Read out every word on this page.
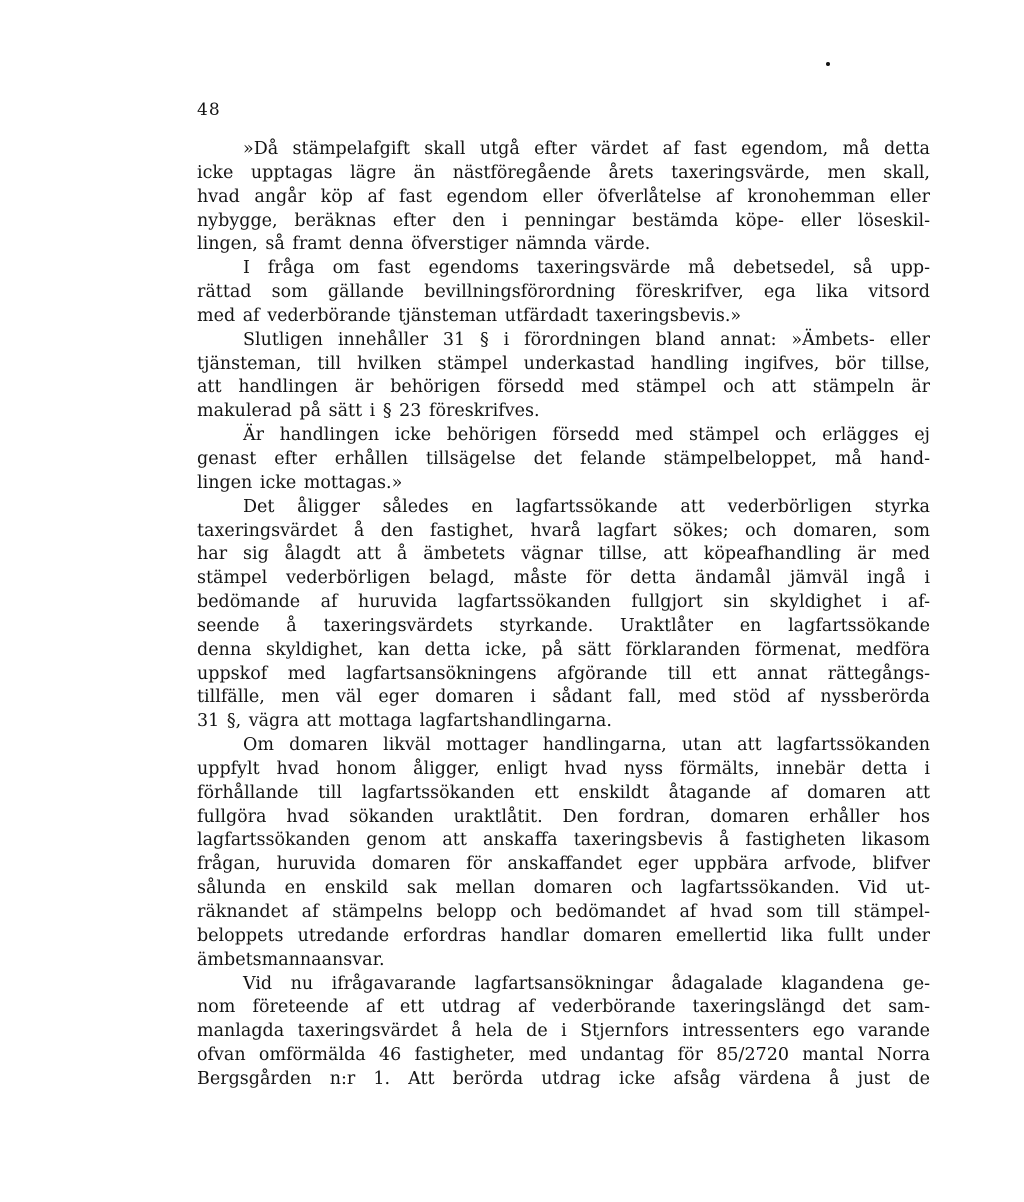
48
»Då stämpelafgift skall utgå efter värdet af fast egendom, må detta
icke upptagas lägre än nästföregående årets taxeringsvärde, men skall,
hvad angår köp af fast egendom eller öfverlåtelse af kronohemman eller
nybygge, beräknas efter den i penningar bestämda köpe- eller löseskil-
lingen, så framt denna öfverstiger nämnda värde.
I fråga om fast egendoms taxeringsvärde må debetsedel, så upp-
rättad som gällande bevillningsförordning föreskrifver, ega lika vitsord
med af vederbörande tjänsteman utfärdadt taxeringsbevis.»
Slutligen innehåller 31 § i förordningen bland annat: »Ämbets- eller
tjänsteman, till hvilken stämpel underkastad handling ingifves, bör tillse,
att handlingen är behörigen försedd med stämpel och att stämpeln är
makulerad på sätt i § 23 föreskrifves.
Är handlingen icke behörigen försedd med stämpel och erlägges ej
genast efter erhållen tillsägelse det felande stämpelbeloppet, må hand-
lingen icke mottagas.»
Det åligger således en lagfartssökande att vederbörligen styrka
taxeringsvärdet å den fastighet, hvarå lagfart sökes; och domaren, som
har sig ålagdt att å ämbetets vägnar tillse, att köpeafhandling är med
stämpel vederbörligen belagd, måste för detta ändamål jämväl ingå i
bedömande af huruvida lagfartssökanden fullgjort sin skyldighet i af-
seende å taxeringsvärdets styrkande. Uraktlåter en lagfartssökande
denna skyldighet, kan detta icke, på sätt förklaranden förmenat, medföra
uppskof med lagfartsansökningens afgörande till ett annat rättegångs-
tillfälle, men väl eger domaren i sådant fall, med stöd af nyssberörda
31 §, vägra att mottaga lagfartshandlingarna.
Om domaren likväl mottager handlingarna, utan att lagfartssökanden
uppfylt hvad honom åligger, enligt hvad nyss förmälts, innebär detta i
förhållande till lagfartssökanden ett enskildt åtagande af domaren att
fullgöra hvad sökanden uraktlåtit. Den fordran, domaren erhåller hos
lagfartssökanden genom att anskaffa taxeringsbevis å fastigheten likasom
frågan, huruvida domaren för anskaffandet eger uppbära arfvode, blifver
sålunda en enskild sak mellan domaren och lagfartssökanden. Vid ut-
räknandet af stämpelns belopp och bedömandet af hvad som till stämpel-
beloppets utredande erfordras handlar domaren emellertid lika fullt under
ämbetsmannaansvar.
Vid nu ifrågavarande lagfartsansökningar ådagalade klagandena ge-
nom företeende af ett utdrag af vederbörande taxeringslängd det sam-
manlagda taxeringsvärdet å hela de i Stjernfors intressenters ego varande
ofvan omförmälda 46 fastigheter, med undantag för 85/2720 mantal Norra
Bergsgården n:r 1. Att berörda utdrag icke afsåg värdena å just de
